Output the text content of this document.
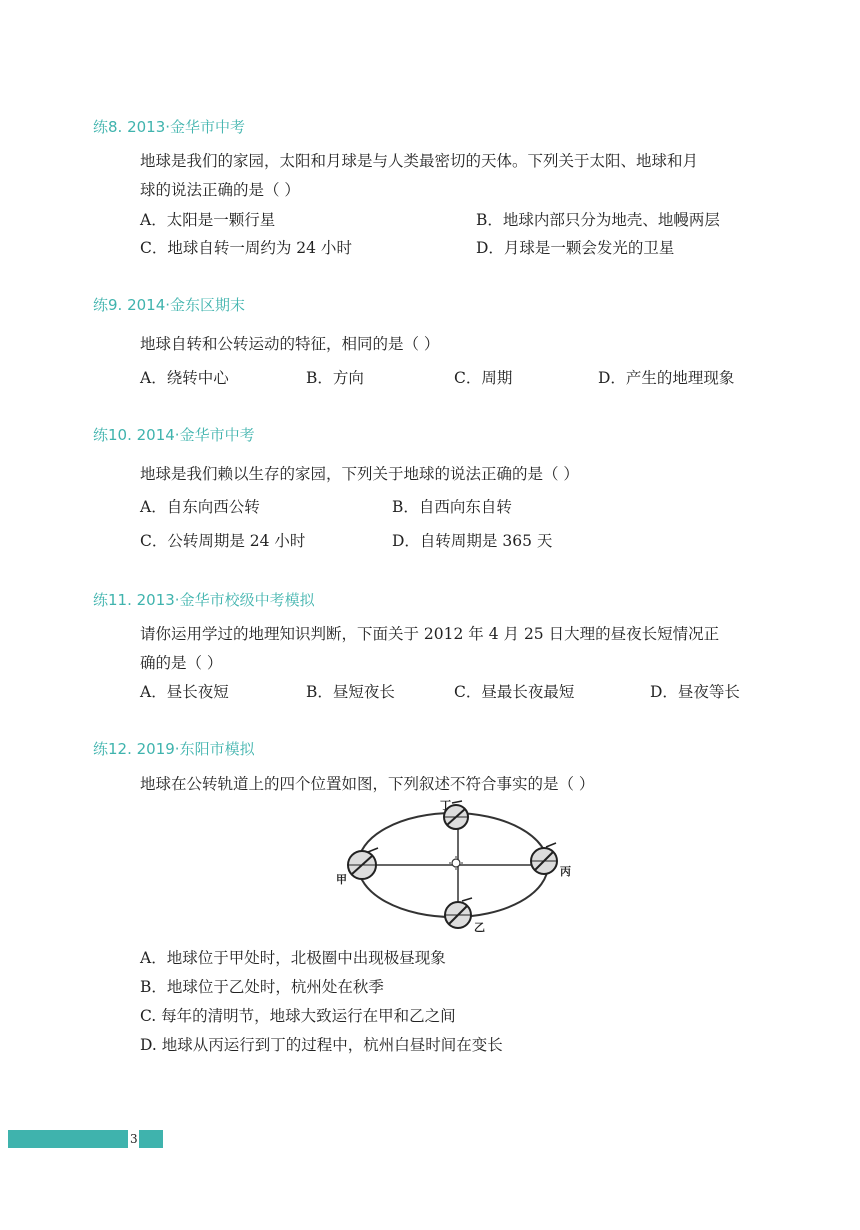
练8. 2013·金华市中考
地球是我们的家园，太阳和月球是与人类最密切的天体。下列关于太阳、地球和月
球的说法正确的是（ ）
A．太阳是一颗行星	B．地球内部只分为地壳、地幔两层
C．地球自转一周约为 24 小时	D．月球是一颗会发光的卫星
练9. 2014·金东区期末
地球自转和公转运动的特征，相同的是（ ）
A．绕转中心	B．方向	C．周期	D．产生的地理现象
练10. 2014·金华市中考
地球是我们赖以生存的家园，下列关于地球的说法正确的是（ ）
A．自东向西公转	B．自西向东自转
C．公转周期是 24 小时	D．自转周期是 365 天
练11. 2013·金华市校级中考模拟
请你运用学过的地理知识判断，下面关于 2012 年 4 月 25 日大理的昼夜长短情况正
确的是（ ）
A．昼长夜短	B．昼短夜长	C．昼最长夜最短	D．昼夜等长
练12. 2019·东阳市模拟
地球在公转轨道上的四个位置如图，下列叙述不符合事实的是（ ）
丁
甲
丙
乙
A．地球位于甲处时，北极圈中出现极昼现象
B．地球位于乙处时，杭州处在秋季
C. 每年的清明节，地球大致运行在甲和乙之间
D. 地球从丙运行到丁的过程中，杭州白昼时间在变长
3
